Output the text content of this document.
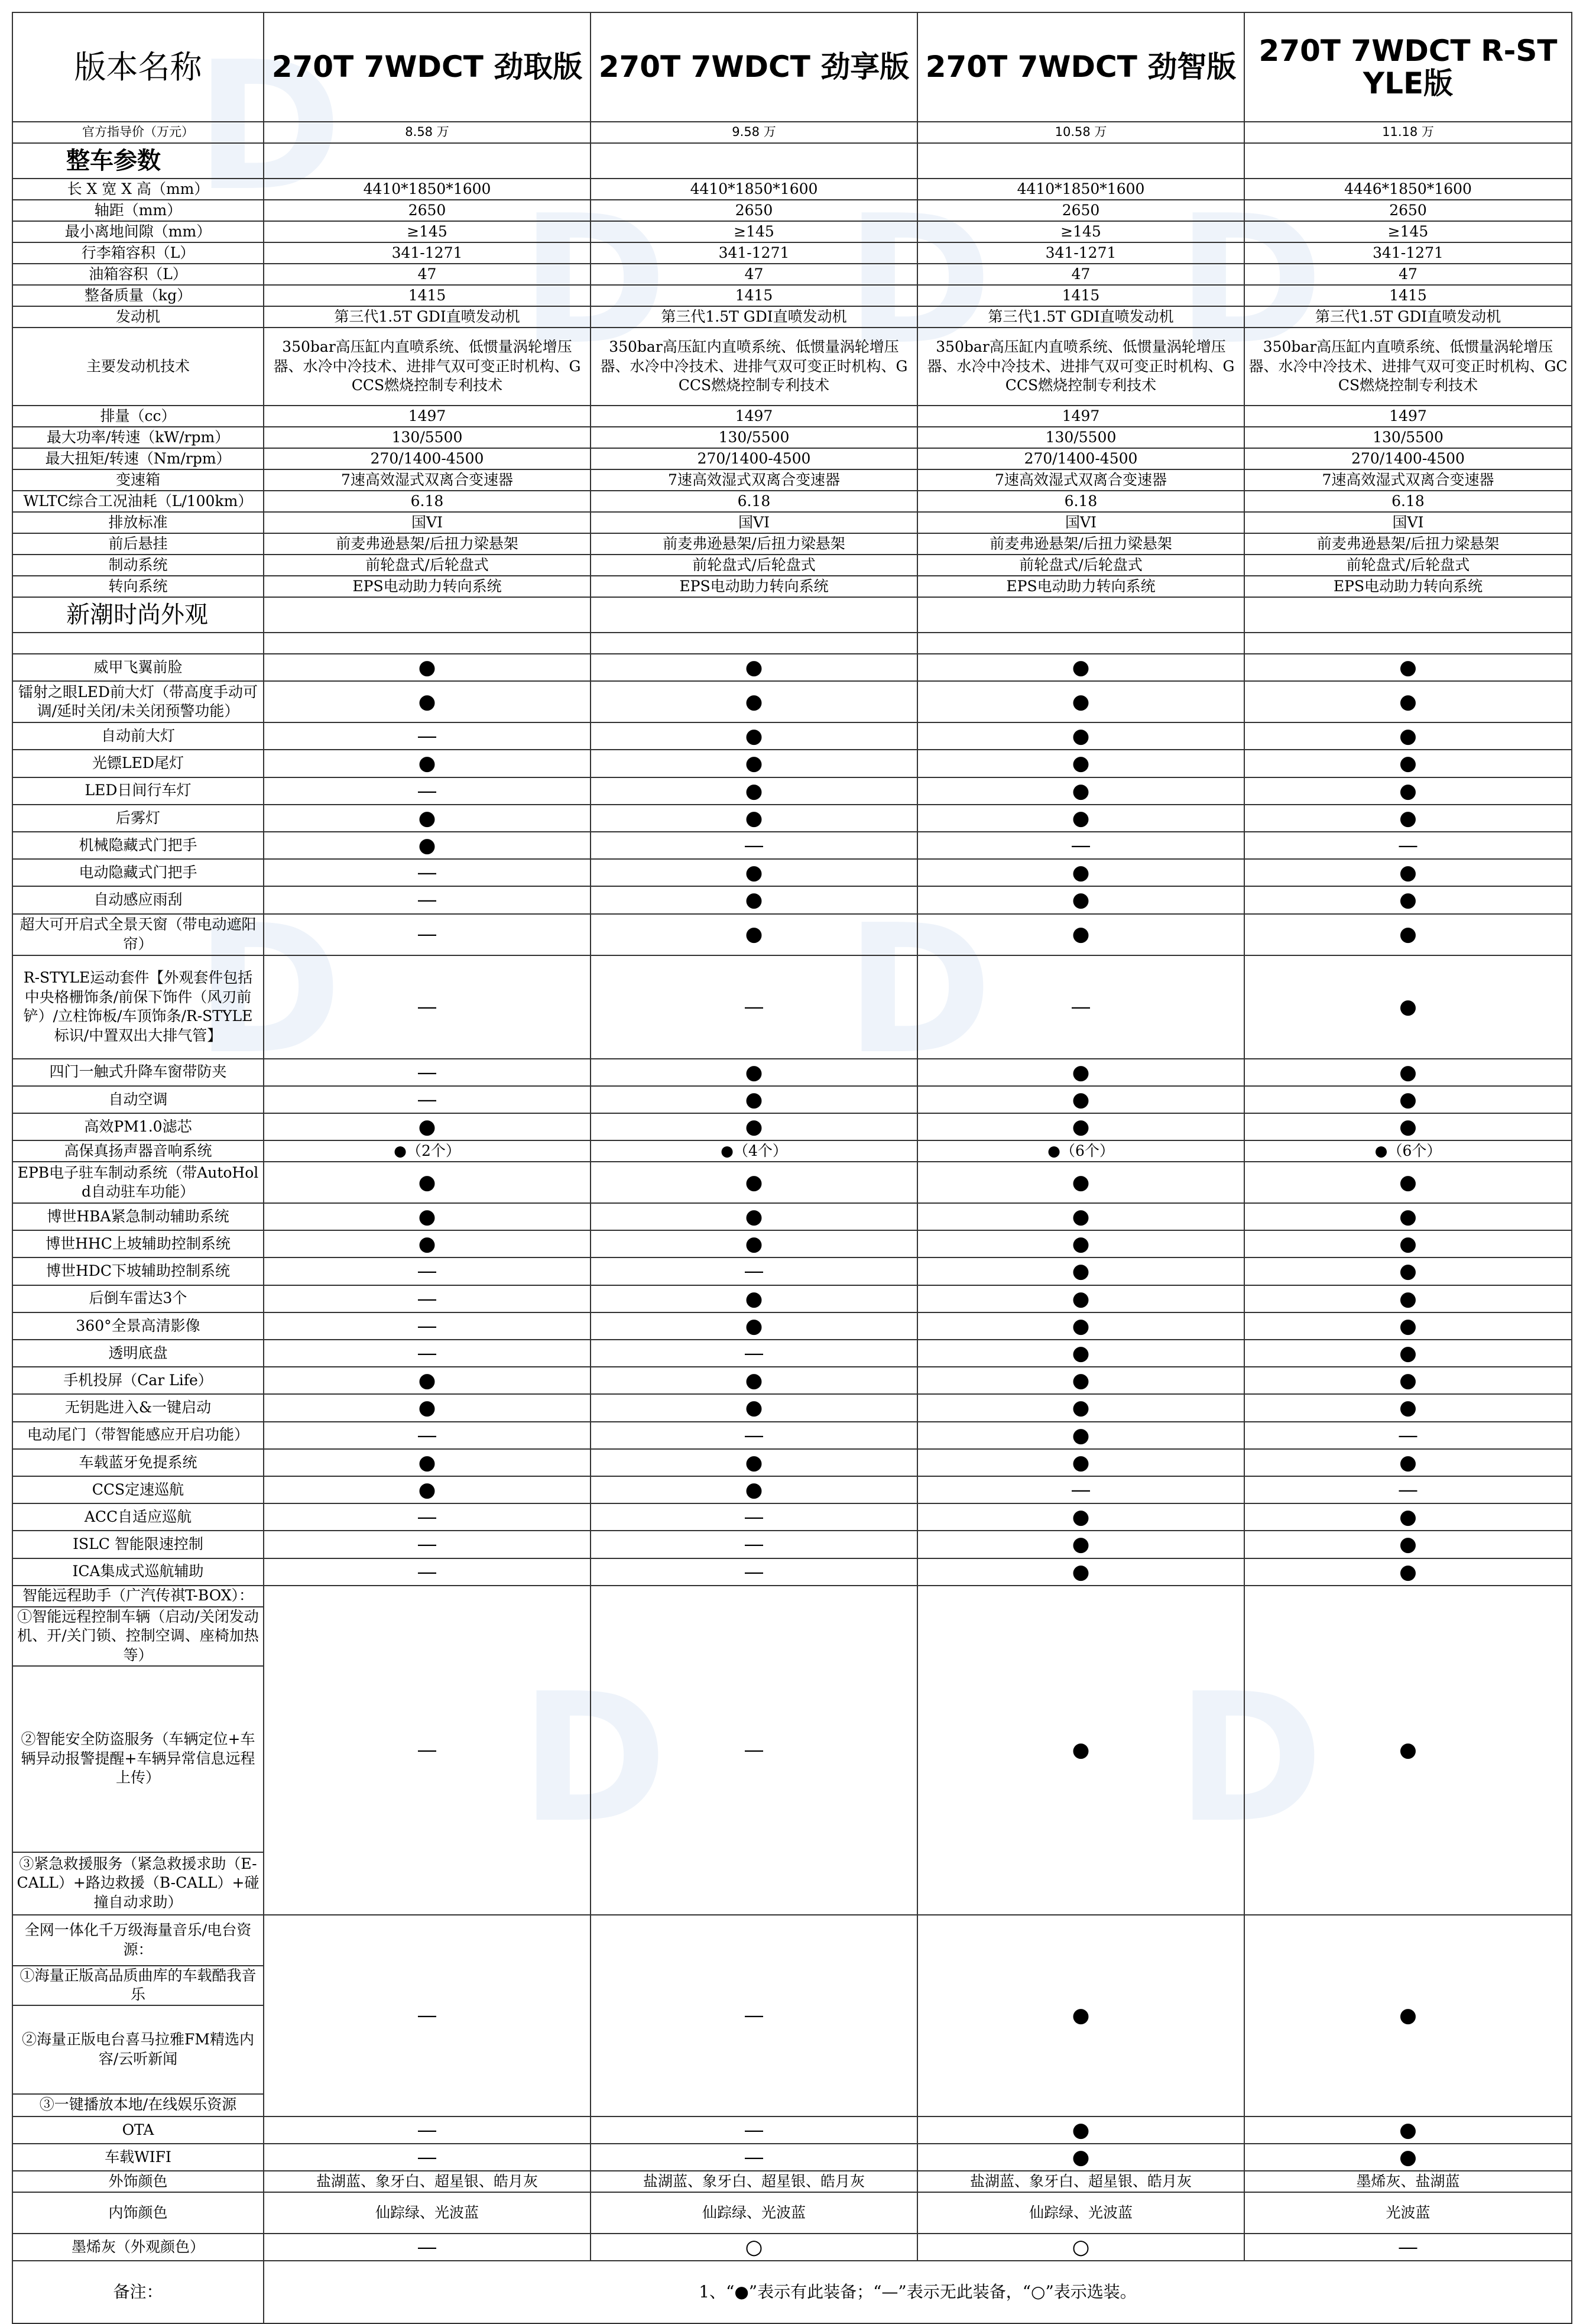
D
D D D
D	D
D	D
版本名称	270T 7WDCT 劲取版	270T 7WDCT 劲享版	270T 7WDCT 劲智版	270T 7WDCT R-STYLE版
官方指导价（万元）	8.58 万	9.58 万	10.58 万	11.18 万
整车参数				
长 X 宽 X 高（mm）	4410*1850*1600	4410*1850*1600	4410*1850*1600	4446*1850*1600
轴距（mm）	2650	2650	2650	2650
最小离地间隙（mm）	≥145	≥145	≥145	≥145
行李箱容积（L）	341-1271	341-1271	341-1271	341-1271
油箱容积（L）	47	47	47	47
整备质量（kg）	1415	1415	1415	1415
发动机	第三代1.5T GDI直喷发动机	第三代1.5T GDI直喷发动机	第三代1.5T GDI直喷发动机	第三代1.5T GDI直喷发动机
主要发动机技术	350bar高压缸内直喷系统、低惯量涡轮增压器、水冷中冷技术、进排气双可变正时机构、GCCS燃烧控制专利技术	350bar高压缸内直喷系统、低惯量涡轮增压器、水冷中冷技术、进排气双可变正时机构、GCCS燃烧控制专利技术	350bar高压缸内直喷系统、低惯量涡轮增压器、水冷中冷技术、进排气双可变正时机构、GCCS燃烧控制专利技术	350bar高压缸内直喷系统、低惯量涡轮增压器、水冷中冷技术、进排气双可变正时机构、GCCS燃烧控制专利技术
排量（cc）	1497	1497	1497	1497
最大功率/转速（kW/rpm）	130/5500	130/5500	130/5500	130/5500
最大扭矩/转速（Nm/rpm）	270/1400-4500	270/1400-4500	270/1400-4500	270/1400-4500
变速箱	7速高效湿式双离合变速器	7速高效湿式双离合变速器	7速高效湿式双离合变速器	7速高效湿式双离合变速器
WLTC综合工况油耗（L/100km）	6.18	6.18	6.18	6.18
排放标准	国VI	国VI	国VI	国VI
前后悬挂	前麦弗逊悬架/后扭力梁悬架	前麦弗逊悬架/后扭力梁悬架	前麦弗逊悬架/后扭力梁悬架	前麦弗逊悬架/后扭力梁悬架
制动系统	前轮盘式/后轮盘式	前轮盘式/后轮盘式	前轮盘式/后轮盘式	前轮盘式/后轮盘式
转向系统	EPS电动助力转向系统	EPS电动助力转向系统	EPS电动助力转向系统	EPS电动助力转向系统
新潮时尚外观				

威甲飞翼前脸	●	●	●	●
镭射之眼LED前大灯（带高度手动可调/延时关闭/未关闭预警功能）	●	●	●	●
自动前大灯	—	●	●	●
光镖LED尾灯	●	●	●	●
LED日间行车灯	—	●	●	●
后雾灯	●	●	●	●
机械隐藏式门把手	●	—	—	—
电动隐藏式门把手	—	●	●	●
自动感应雨刮	—	●	●	●
超大可开启式全景天窗（带电动遮阳帘）	—	●	●	●
R-STYLE运动套件【外观套件包括中央格栅饰条/前保下饰件（风刃前铲）/立柱饰板/车顶饰条/R-STYLE标识/中置双出大排气管】	—	—	—	●
四门一触式升降车窗带防夹	—	●	●	●
自动空调	—	●	●	●
高效PM1.0滤芯	●	●	●	●
高保真扬声器音响系统	●（2个）	●（4个）	●（6个）	●（6个）
EPB电子驻车制动系统（带AutoHold自动驻车功能）	●	●	●	●
博世HBA紧急制动辅助系统	●	●	●	●
博世HHC上坡辅助控制系统	●	●	●	●
博世HDC下坡辅助控制系统	—	—	●	●
后倒车雷达3个	—	●	●	●
360°全景高清影像	—	●	●	●
透明底盘	—	—	●	●
手机投屏（Car Life）	●	●	●	●
无钥匙进入&一键启动	●	●	●	●
电动尾门（带智能感应开启功能）	—	—	●	—
车载蓝牙免提系统	●	●	●	●
CCS定速巡航	●	●	—	—
ACC自适应巡航	—	—	●	●
ISLC 智能限速控制	—	—	●	●
ICA集成式巡航辅助	—	—	●	●
智能远程助手（广汽传祺T-BOX）：	—	—	●	●
①智能远程控制车辆（启动/关闭发动机、开/关门锁、控制空调、座椅加热等）				
②智能安全防盗服务（车辆定位+车辆异动报警提醒+车辆异常信息远程上传）				
③紧急救援服务（紧急救援求助（E-CALL）+路边救援（B-CALL）+碰撞自动求助）				
全网一体化千万级海量音乐/电台资源：	—	—	●	●
①海量正版高品质曲库的车载酷我音乐				
②海量正版电台喜马拉雅FM精选内容/云听新闻				
③一键播放本地/在线娱乐资源				
OTA	—	—	●	●
车载WIFI	—	—	●	●
外饰颜色	盐湖蓝、象牙白、超星银、皓月灰	盐湖蓝、象牙白、超星银、皓月灰	盐湖蓝、象牙白、超星银、皓月灰	墨烯灰、盐湖蓝
内饰颜色	仙踪绿、光波蓝	仙踪绿、光波蓝	仙踪绿、光波蓝	光波蓝
墨烯灰（外观颜色）	—	○	○	—
备注：	1、“●”表示有此装备；“—”表示无此装备，“○”表示选装。			
